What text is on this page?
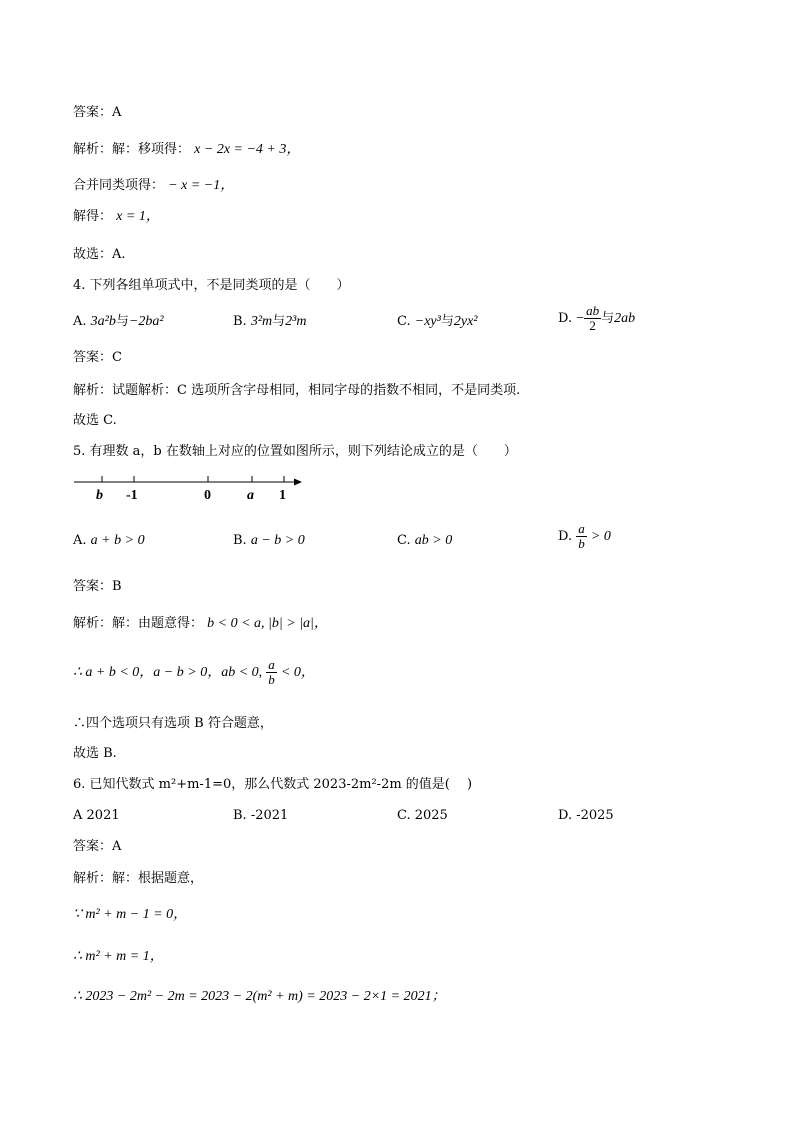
答案：A
解析：解：移项得： x − 2x = −4 + 3，
合并同类项得： − x = −1，
解得： x = 1，
故选：A.
4. 下列各组单项式中，不是同类项的是（　　）
A. 3a²b与−2ba²	B. 3²m与2³m	C. −xy³与2yx²	D. − $\frac{ab}{2}$ 与2ab
答案：C
解析：试题解析：C 选项所含字母相同，相同字母的指数不相同，不是同类项.
故选 C.
5. 有理数 a，b 在数轴上对应的位置如图所示，则下列结论成立的是（　　）
b -1	0	a 1
A. a + b > 0	B. a − b > 0	C. ab > 0	D. $\frac{a}{b} > 0$
答案：B
解析：解：由题意得： b < 0 < a, |b| > |a|，
∴ a + b < 0，a − b > 0，ab < 0, $\frac{a}{b} < 0$，
∴四个选项只有选项 B 符合题意，
故选 B.
6. 已知代数式 m²+m-1=0，那么代数式 2023-2m²-2m 的值是(　 )
A 2021	B. -2021	C. 2025	D. -2025
答案：A
解析：解：根据题意，
∵ m² + m − 1 = 0，
∴ m² + m = 1，
∴ 2023 − 2m² − 2m = 2023 − 2(m² + m) = 2023 − 2×1 = 2021；
